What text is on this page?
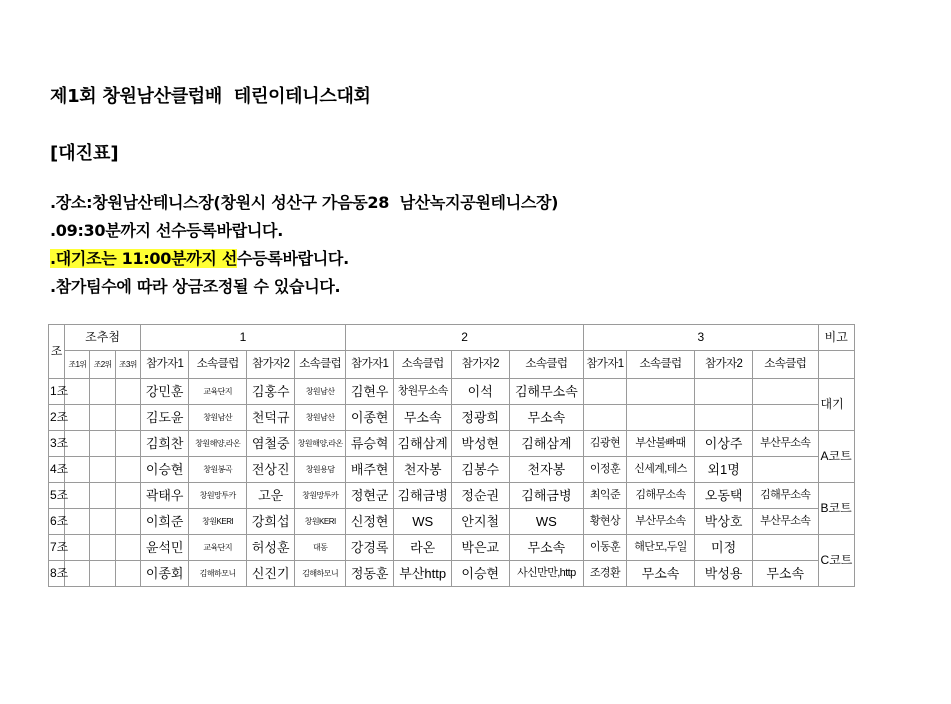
제1회 창원남산클럽배  테린이테니스대회
[대진표]
.장소:창원남산테니스장(창원시 성산구 가음동28  남산녹지공원테니스장)
.09:30분까지 선수등록바랍니다.
.대기조는 11:00분까지 선수등록바랍니다.
.참가팀수에 따라 상금조정될 수 있습니다.
조	조추첨			1				2				3				비고
	조1위	조2위	조3위	참가자1	소속클럽	참가자2	소속클럽	참가자1	소속클럽	참가자2	소속클럽	참가자1	소속클럽	참가자2	소속클럽	
1조				강민훈	교육단지	김홍수	창원남산	김현우	창원무소속	이석	김해무소속					대기
2조				김도윤	창원남산	천덕규	창원남산	이종현	무소속	정광희	무소속					
3조				김희찬	창원해양,라온	염철중	창원해양,라온	류승혁	김해삼계	박성현	김해삼계	김광현	부산불빠때	이상주	부산무소속	A코트
4조				이승현	창원봉곡	전상진	창원용담	배주현	천자봉	김봉수	천자봉	이정훈	신세계,테스	외1명		
5조				곽태우	창원망투카	고운	창원망투카	정현군	김해금병	정순권	김해금병	최익준	김해무소속	오동택	김해무소속	B코트
6조				이희준	창원KERI	강희섭	창원KERI	신정현	WS	안지철	WS	황현상	부산무소속	박상호	부산무소속	
7조				윤석민	교육단지	허성훈	대동	강경록	라온	박은교	무소속	이동훈	해단모,두일	미정		C코트
8조				이종회	김해하모니	신진기	김해하모니	정동훈	부산http	이승현	사신만만,http	조경환	무소속	박성용	무소속	
